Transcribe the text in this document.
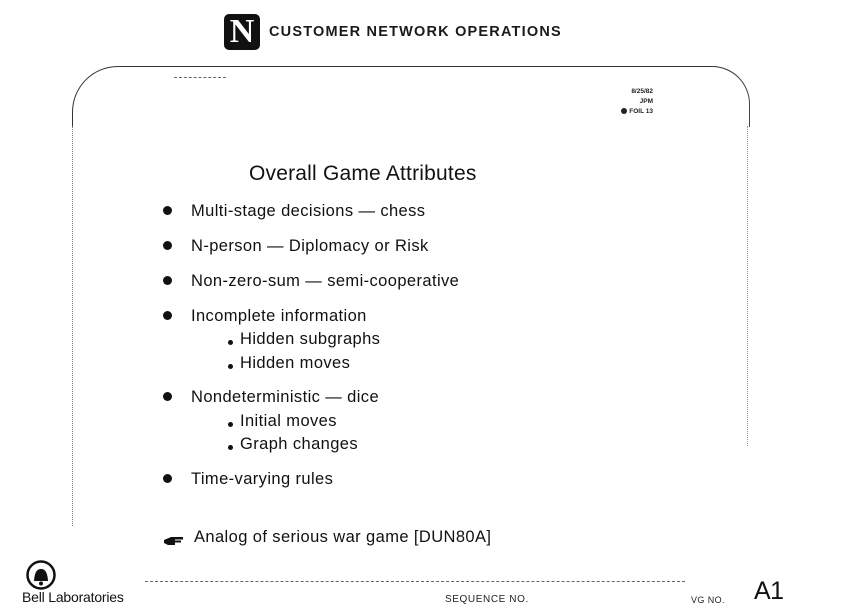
N CUSTOMER NETWORK OPERATIONS
8/25/82
JPM
FOIL 13
Overall Game Attributes
Multi-stage decisions — chess
N-person — Diplomacy or Risk
Non-zero-sum — semi-cooperative
Incomplete information
Hidden subgraphs
Hidden moves
Nondeterministic — dice
Initial moves
Graph changes
Time-varying rules
Analog of serious war game [DUN80A]
Bell Laboratories	SEQUENCE NO.	VG NO. A1
